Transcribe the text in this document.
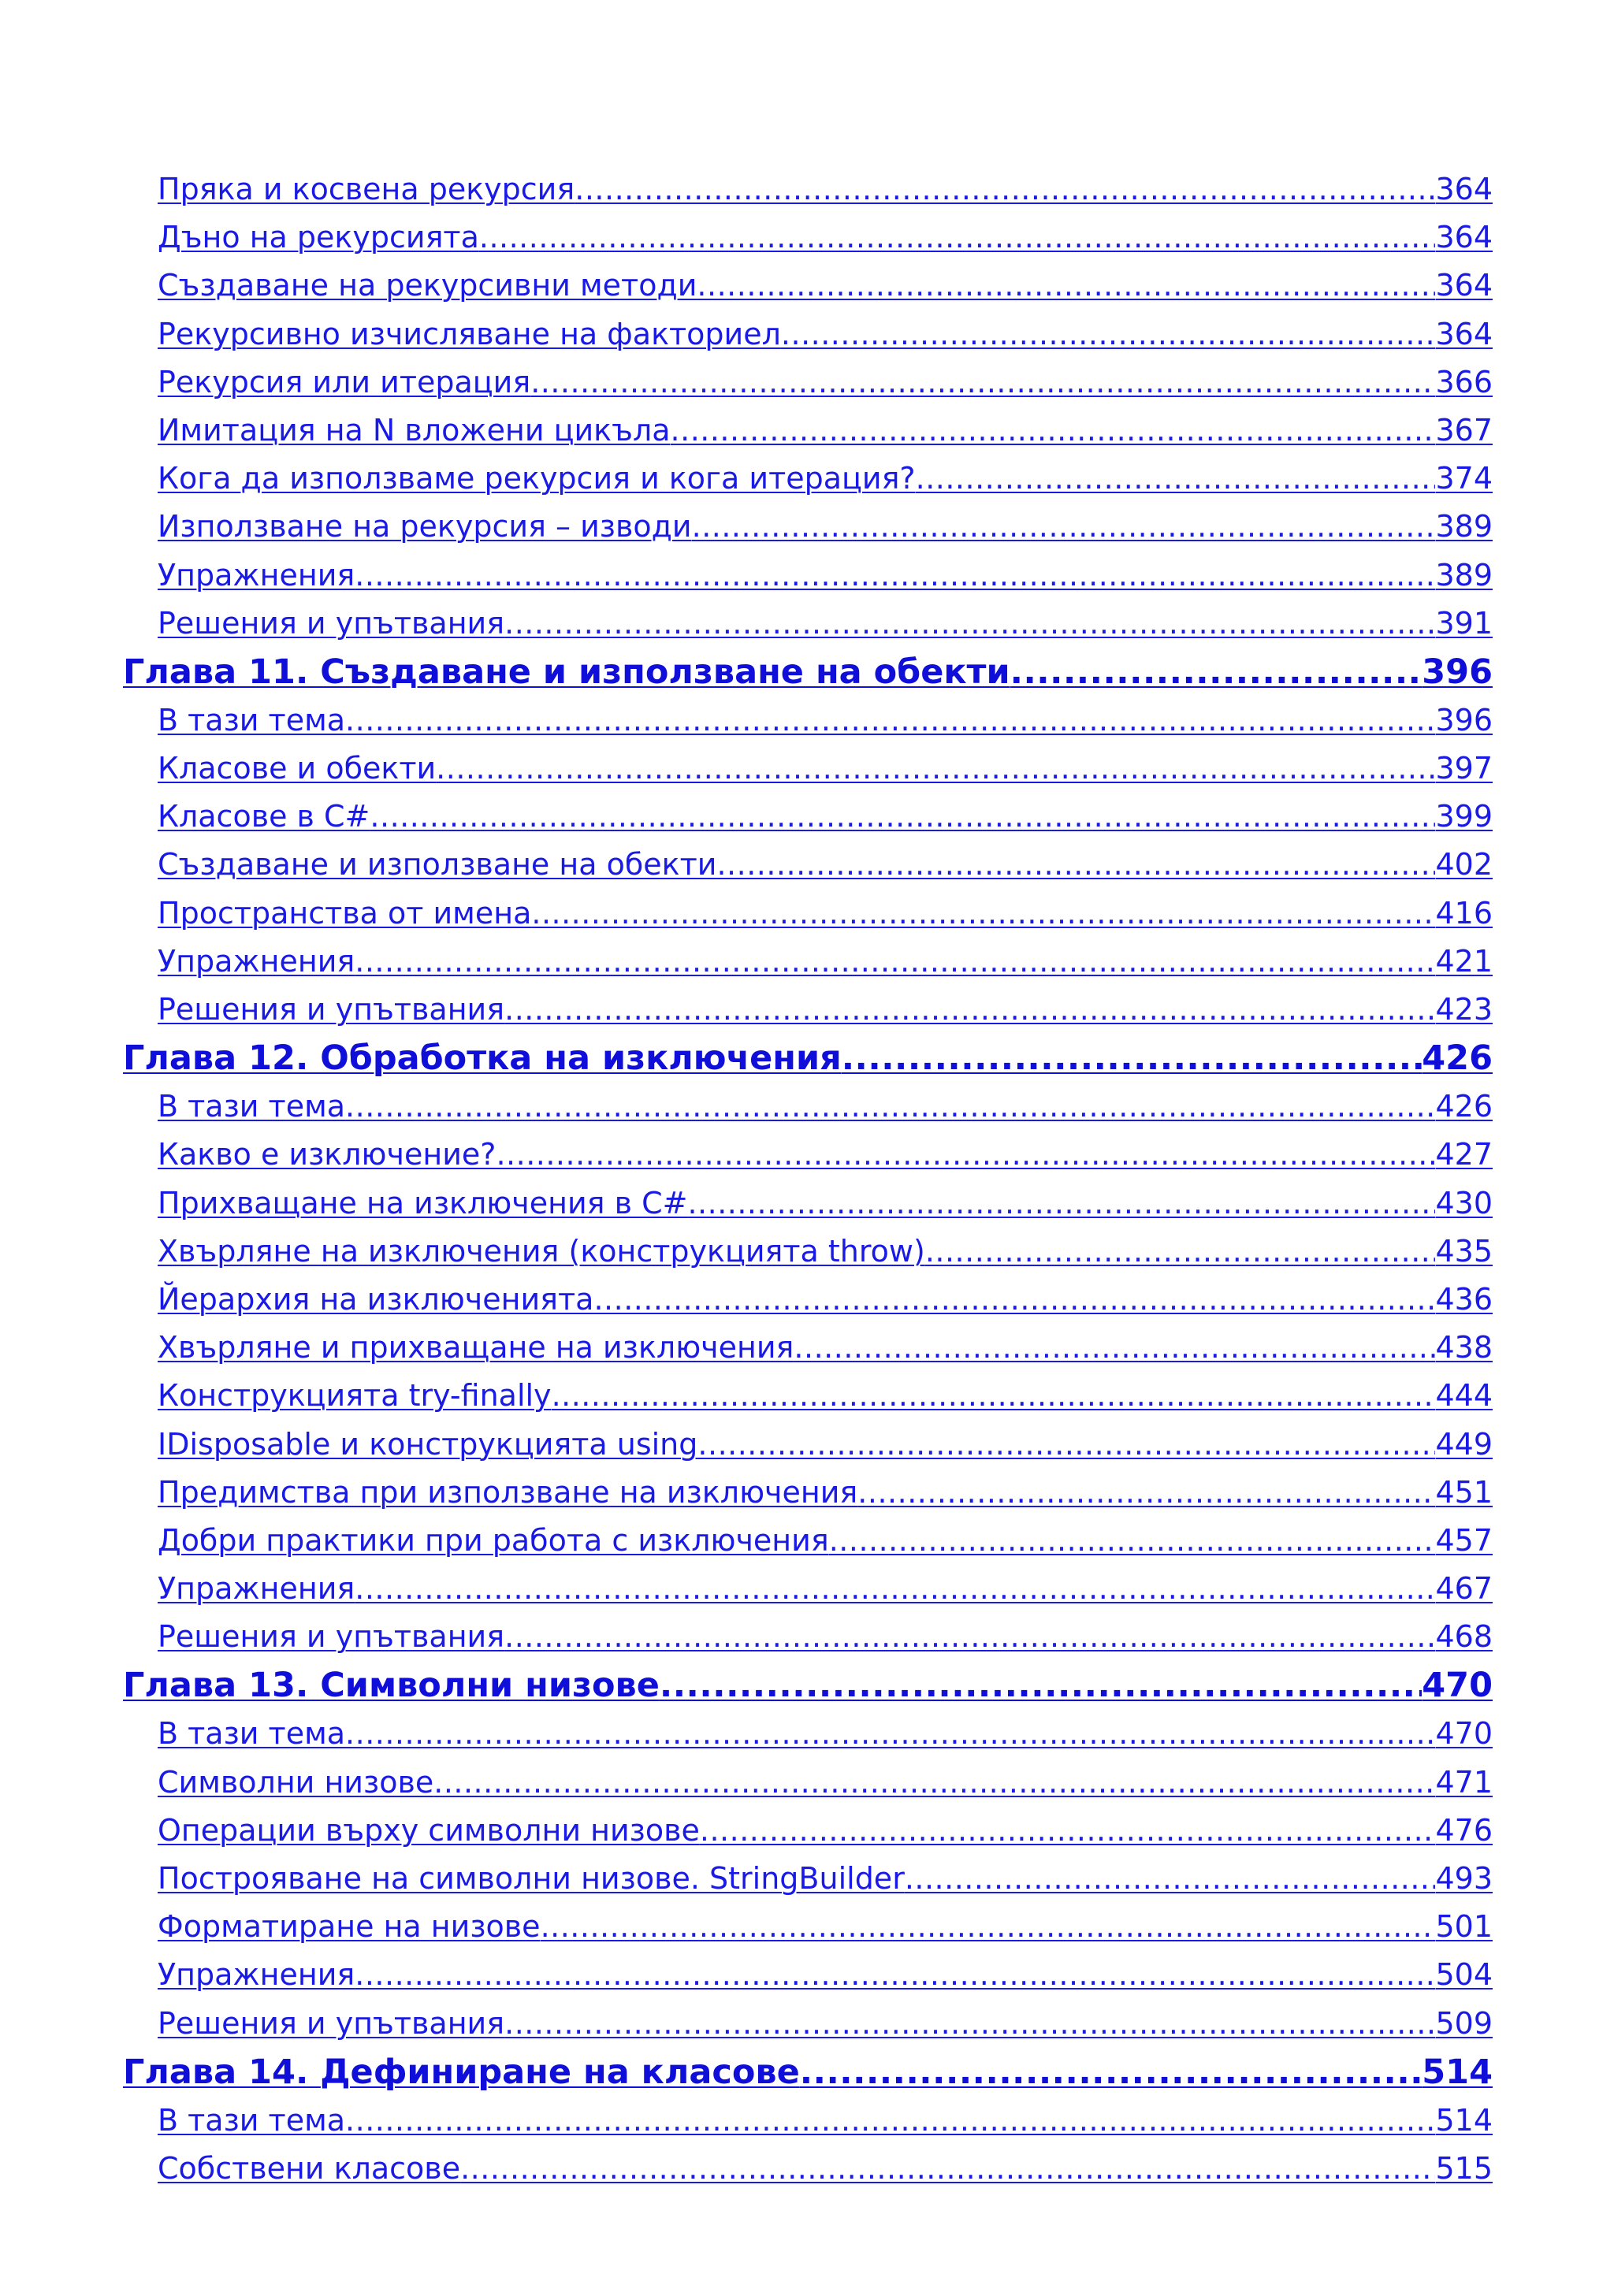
Пряка и косвена рекурсия .....	364
Дъно на рекурсията .....	364
Създаване на рекурсивни методи .....	364
Рекурсивно изчисляване на факториел .....	364
Рекурсия или итерация .....	366
Имитация на N вложени цикъла .....	367
Кога да използваме рекурсия и кога итерация? .....	374
Използване на рекурсия – изводи .....	389
Упражнения .....	389
Решения и упътвания .....	391
Глава 11. Създаване и използване на обекти .....	396
В тази тема .....	396
Класове и обекти .....	397
Класове в C# .....	399
Създаване и използване на обекти .....	402
Пространства от имена .....	416
Упражнения .....	421
Решения и упътвания .....	423
Глава 12. Обработка на изключения .....	426
В тази тема .....	426
Какво е изключение? .....	427
Прихващане на изключения в C# .....	430
Хвърляне на изключения (конструкцията throw) .....	435
Йерархия на изключенията .....	436
Хвърляне и прихващане на изключения .....	438
Конструкцията try-finally .....	444
IDisposable и конструкцията using .....	449
Предимства при използване на изключения .....	451
Добри практики при работа с изключения .....	457
Упражнения .....	467
Решения и упътвания .....	468
Глава 13. Символни низове .....	470
В тази тема .....	470
Символни низове .....	471
Операции върху символни низове .....	476
Построяване на символни низове. StringBuilder .....	493
Форматиране на низове .....	501
Упражнения .....	504
Решения и упътвания .....	509
Глава 14. Дефиниране на класове .....	514
В тази тема .....	514
Собствени класове .....	515
